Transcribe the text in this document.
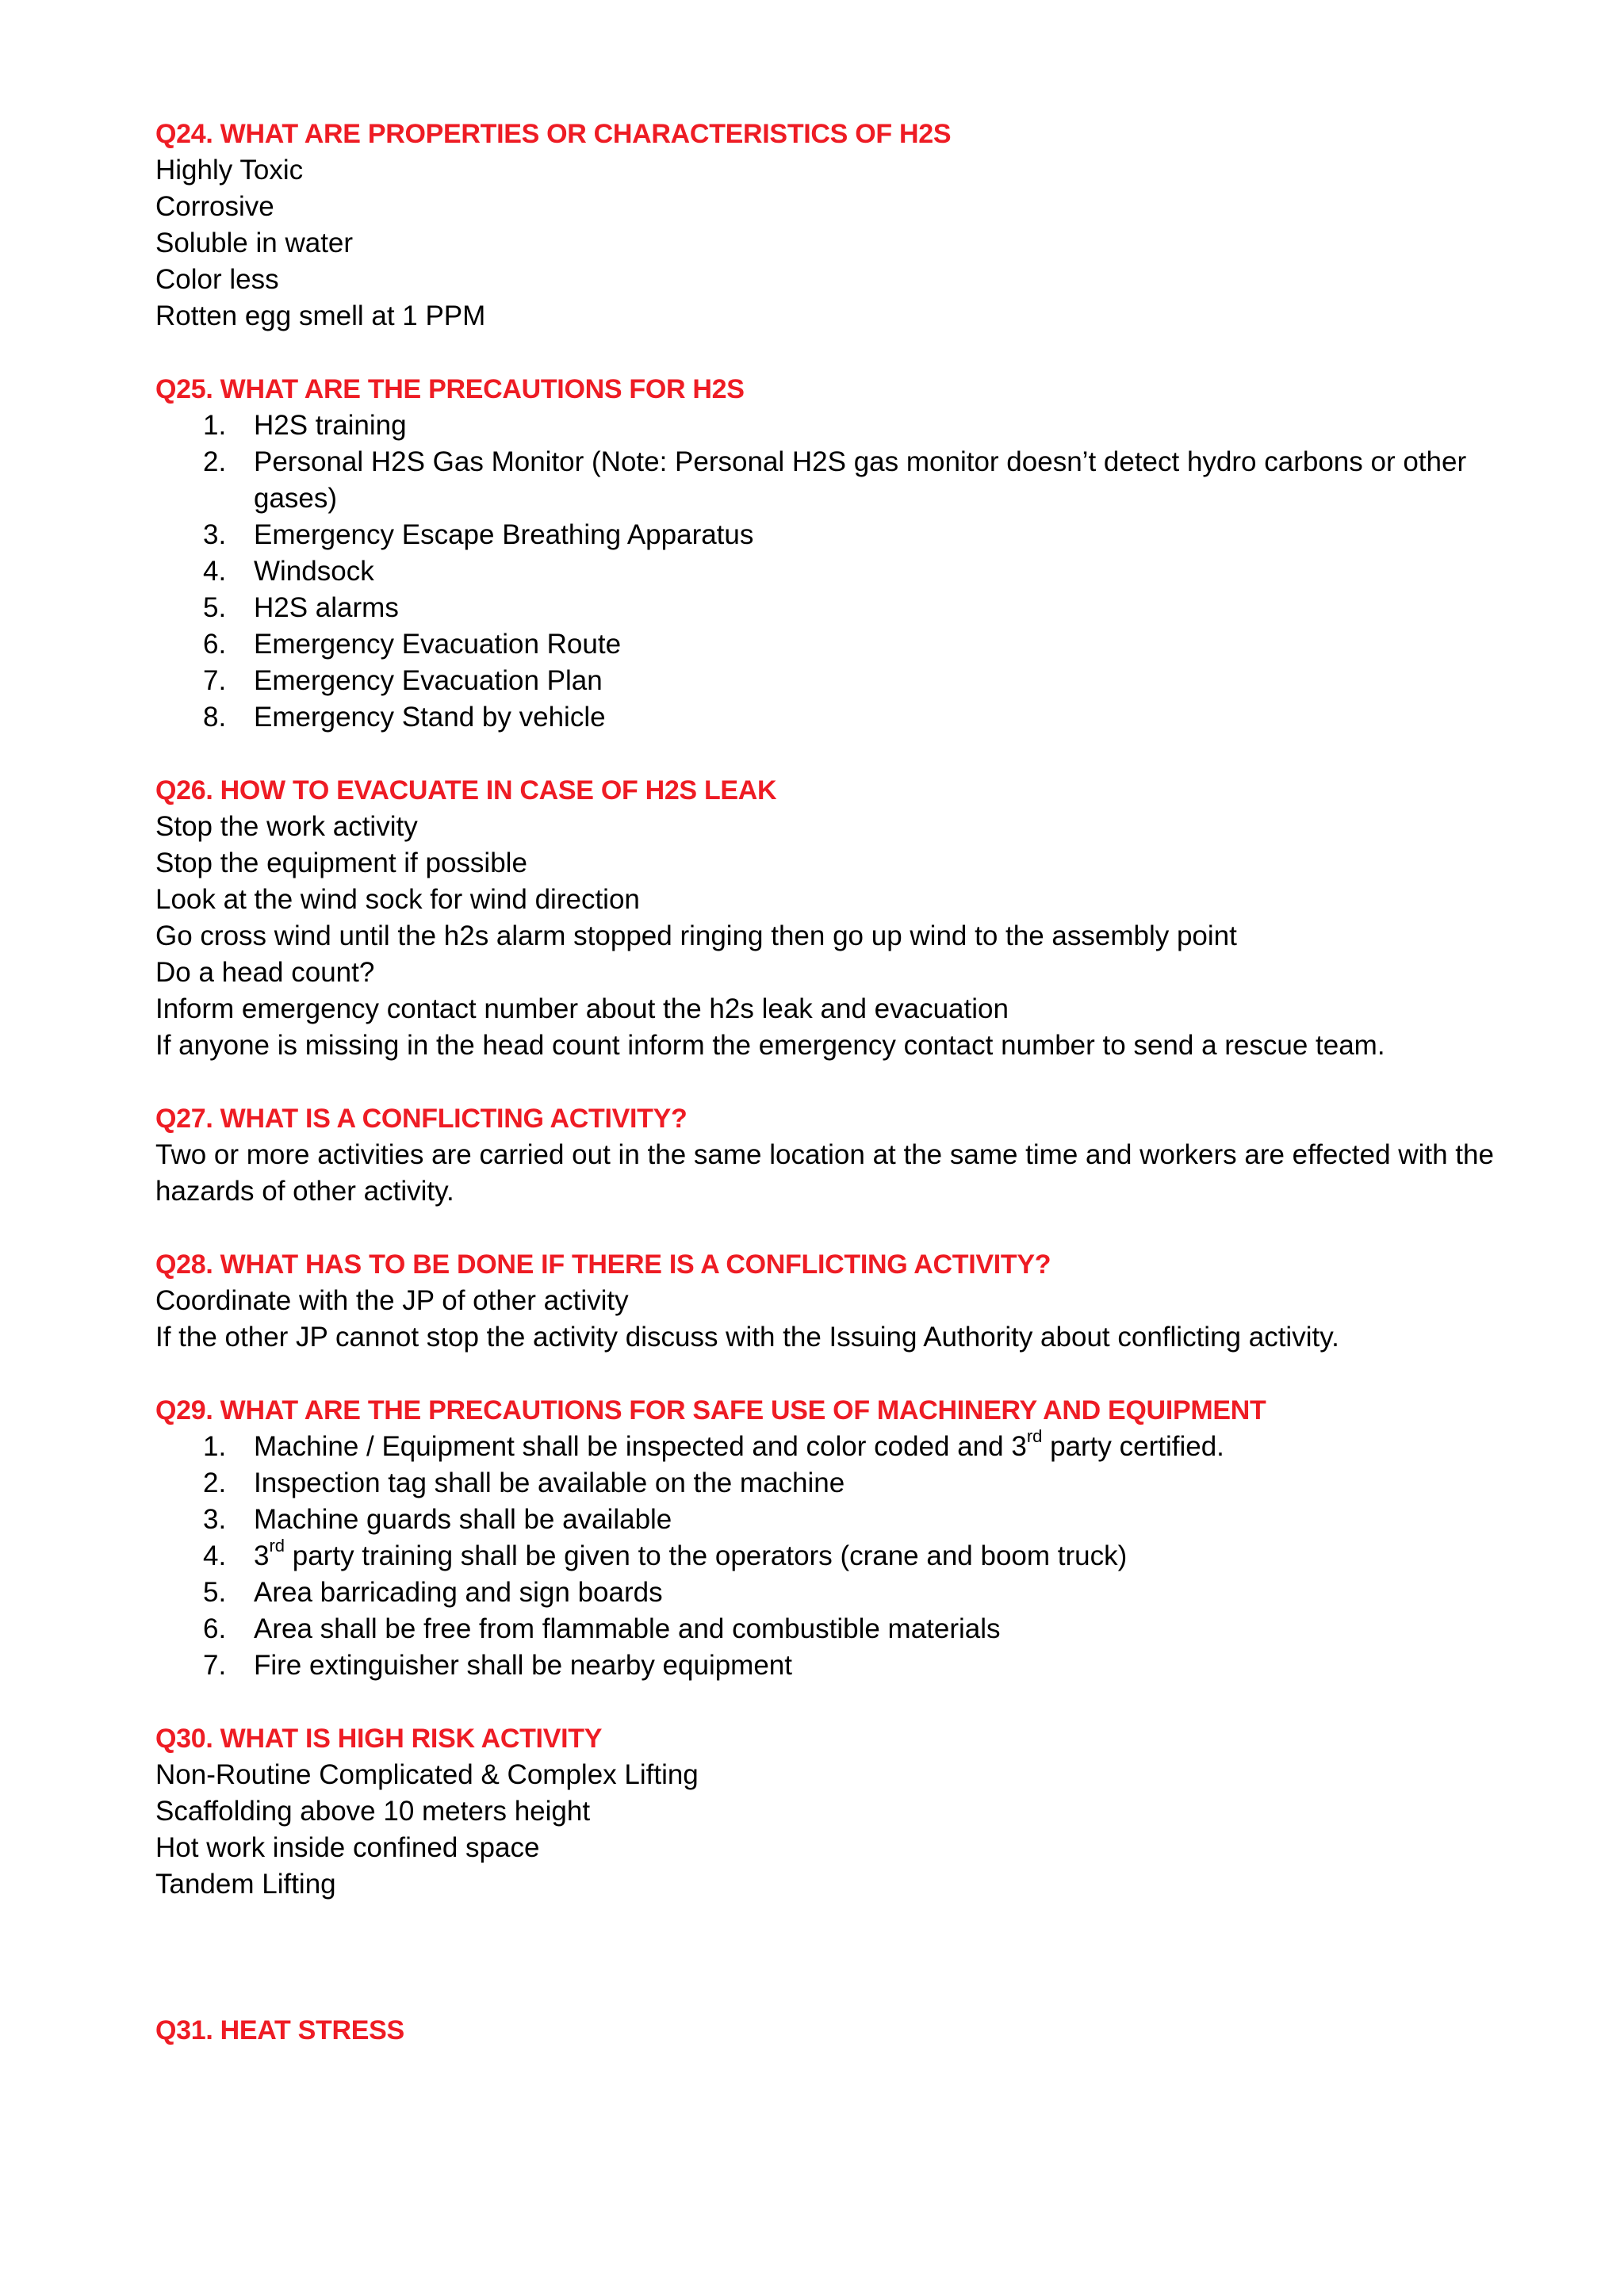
Q24. WHAT ARE PROPERTIES OR CHARACTERISTICS OF H2S
Highly Toxic
Corrosive
Soluble in water
Color less
Rotten egg smell at 1 PPM
Q25. WHAT ARE THE PRECAUTIONS FOR H2S
1. H2S training
2. Personal H2S Gas Monitor (Note: Personal H2S gas monitor doesn’t detect hydro carbons or other gases)
3. Emergency Escape Breathing Apparatus
4. Windsock
5. H2S alarms
6. Emergency Evacuation Route
7. Emergency Evacuation Plan
8. Emergency Stand by vehicle
Q26. HOW TO EVACUATE IN CASE OF H2S LEAK
Stop the work activity
Stop the equipment if possible
Look at the wind sock for wind direction
Go cross wind until the h2s alarm stopped ringing then go up wind to the assembly point
Do a head count?
Inform emergency contact number about the h2s leak and evacuation
If anyone is missing in the head count inform the emergency contact number to send a rescue team.
Q27. WHAT IS A CONFLICTING ACTIVITY?
Two or more activities are carried out in the same location at the same time and workers are effected with the hazards of other activity.
Q28. WHAT HAS TO BE DONE IF THERE IS A CONFLICTING ACTIVITY?
Coordinate with the JP of other activity
If the other JP cannot stop the activity discuss with the Issuing Authority about conflicting activity.
Q29. WHAT ARE THE PRECAUTIONS FOR SAFE USE OF MACHINERY AND EQUIPMENT
1. Machine / Equipment shall be inspected and color coded and 3rd party certified.
2. Inspection tag shall be available on the machine
3. Machine guards shall be available
4. 3rd party training shall be given to the operators (crane and boom truck)
5. Area barricading and sign boards
6. Area shall be free from flammable and combustible materials
7. Fire extinguisher shall be nearby equipment
Q30. WHAT IS HIGH RISK ACTIVITY
Non-Routine Complicated & Complex Lifting
Scaffolding above 10 meters height
Hot work inside confined space
Tandem Lifting
Q31. HEAT STRESS
